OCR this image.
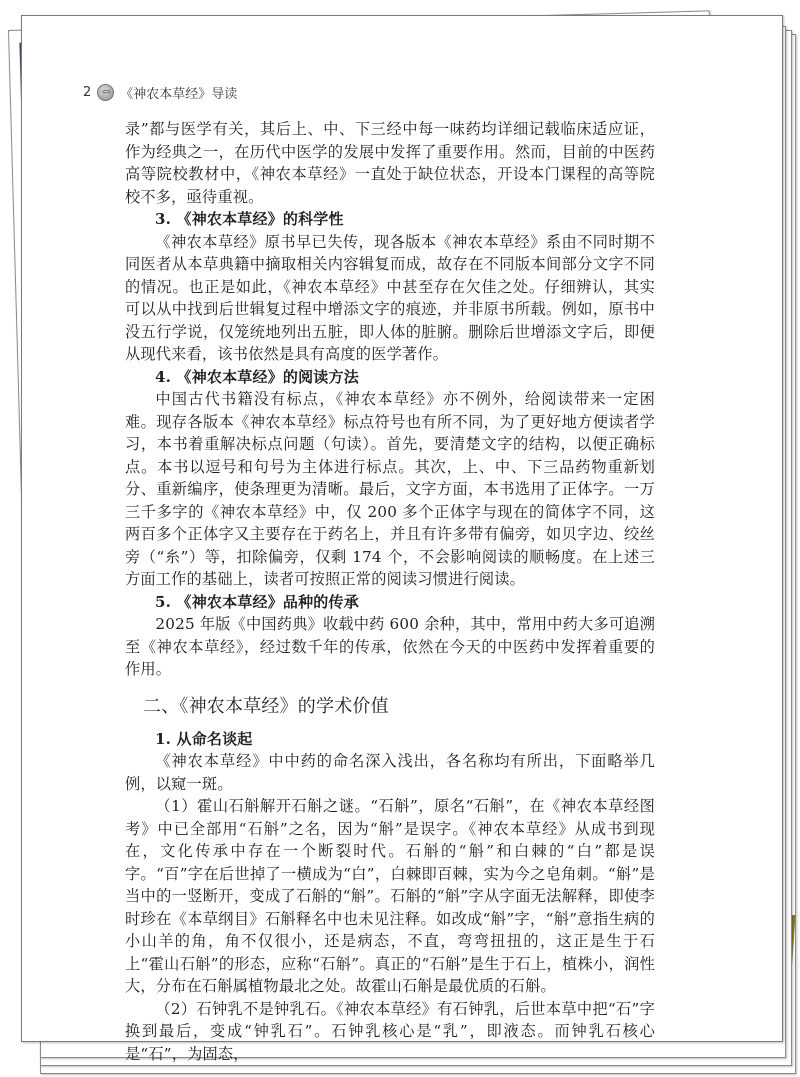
2	⇦ 《神农本草经》导读

录”都与医学有关，其后上、中、下三经中每一味药均详细记载临床适应证，作为经典之一，在历代中医学的发展中发挥了重要作用。然而，目前的中医药高等院校教材中，《神农本草经》一直处于缺位状态，开设本门课程的高等院校不多，亟待重视。

3. 《神农本草经》的科学性

《神农本草经》原书早已失传，现各版本《神农本草经》系由不同时期不同医者从本草典籍中摘取相关内容辑复而成，故存在不同版本间部分文字不同的情况。也正是如此，《神农本草经》中甚至存在欠佳之处。仔细辨认，其实可以从中找到后世辑复过程中增添文字的痕迹，并非原书所载。例如，原书中没五行学说，仅笼统地列出五脏，即人体的脏腑。删除后世增添文字后，即便从现代来看，该书依然是具有高度的医学著作。

4. 《神农本草经》的阅读方法

中国古代书籍没有标点，《神农本草经》亦不例外，给阅读带来一定困难。现存各版本《神农本草经》标点符号也有所不同，为了更好地方便读者学习，本书着重解决标点问题（句读）。首先，要清楚文字的结构，以便正确标点。本书以逗号和句号为主体进行标点。其次，上、中、下三品药物重新划分、重新编序，使条理更为清晰。最后，文字方面，本书选用了正体字。一万三千多字的《神农本草经》中，仅 200 多个正体字与现在的简体字不同，这两百多个正体字又主要存在于药名上，并且有许多带有偏旁，如贝字边、绞丝旁（“糸”）等，扣除偏旁，仅剩 174 个，不会影响阅读的顺畅度。在上述三方面工作的基础上，读者可按照正常的阅读习惯进行阅读。

5. 《神农本草经》品种的传承

2025 年版《中国药典》收载中药 600 余种，其中，常用中药大多可追溯至《神农本草经》，经过数千年的传承，依然在今天的中医药中发挥着重要的作用。

二、《神农本草经》的学术价值
1. 从命名谈起

《神农本草经》中中药的命名深入浅出，各名称均有所出，下面略举几例，以窥一斑。

（1）霍山石斛解开石斛之谜。“石斛”，原名“石斛”，在《神农本草经图考》中已全部用“石斛”之名，因为“斛”是误字。《神农本草经》从成书到现在，文化传承中存在一个断裂时代。石斛的“斛”和白棘的“白”都是误字。“百”字在后世掉了一横成为“白”，白棘即百棘，实为今之皂角刺。“斛”是当中的一竖断开，变成了石斛的“斛”。石斛的“斛”字从字面无法解释，即使李时珍在《本草纲目》石斛释名中也未见注释。如改成“斛”字，“斛”意指生病的小山羊的角，角不仅很小，还是病态，不直，弯弯扭扭的，这正是生于石上“霍山石斛”的形态，应称“石斛”。真正的“石斛”是生于石上，植株小，润性大，分布在石斛属植物最北之处。故霍山石斛是最优质的石斛。

（2）石钟乳不是钟乳石。《神农本草经》有石钟乳，后世本草中把“石”字换到最后，变成“钟乳石”。石钟乳核心是“乳”，即液态。而钟乳石核心是“石”，为固态，
